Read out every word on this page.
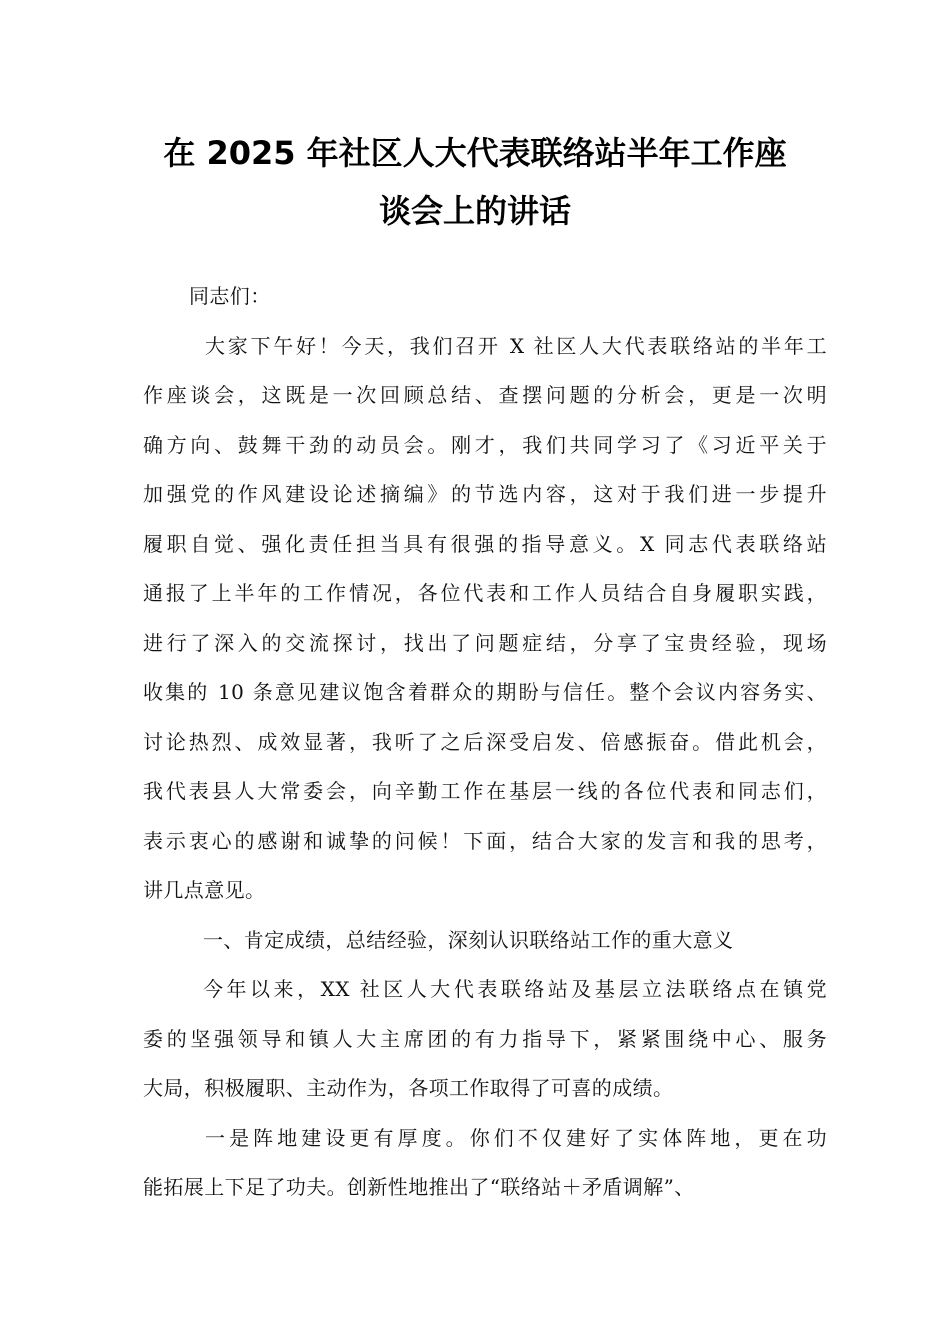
在 2025 年社区人大代表联络站半年工作座
谈会上的讲话
同志们：
大家下午好！今天，我们召开 X 社区人大代表联络站的半年工
作座谈会，这既是一次回顾总结、查摆问题的分析会，更是一次明
确方向、鼓舞干劲的动员会。刚才，我们共同学习了《习近平关于
加强党的作风建设论述摘编》的节选内容，这对于我们进一步提升
履职自觉、强化责任担当具有很强的指导意义。X 同志代表联络站
通报了上半年的工作情况，各位代表和工作人员结合自身履职实践，
进行了深入的交流探讨，找出了问题症结，分享了宝贵经验，现场
收集的 10 条意见建议饱含着群众的期盼与信任。整个会议内容务实、
讨论热烈、成效显著，我听了之后深受启发、倍感振奋。借此机会，
我代表县人大常委会，向辛勤工作在基层一线的各位代表和同志们，
表示衷心的感谢和诚挚的问候！下面，结合大家的发言和我的思考，
讲几点意见。
一、肯定成绩，总结经验，深刻认识联络站工作的重大意义
今年以来，XX 社区人大代表联络站及基层立法联络点在镇党
委的坚强领导和镇人大主席团的有力指导下，紧紧围绕中心、服务
大局，积极履职、主动作为，各项工作取得了可喜的成绩。
一是阵地建设更有厚度。你们不仅建好了实体阵地，更在功
能拓展上下足了功夫。创新性地推出了“联络站＋矛盾调解”、
